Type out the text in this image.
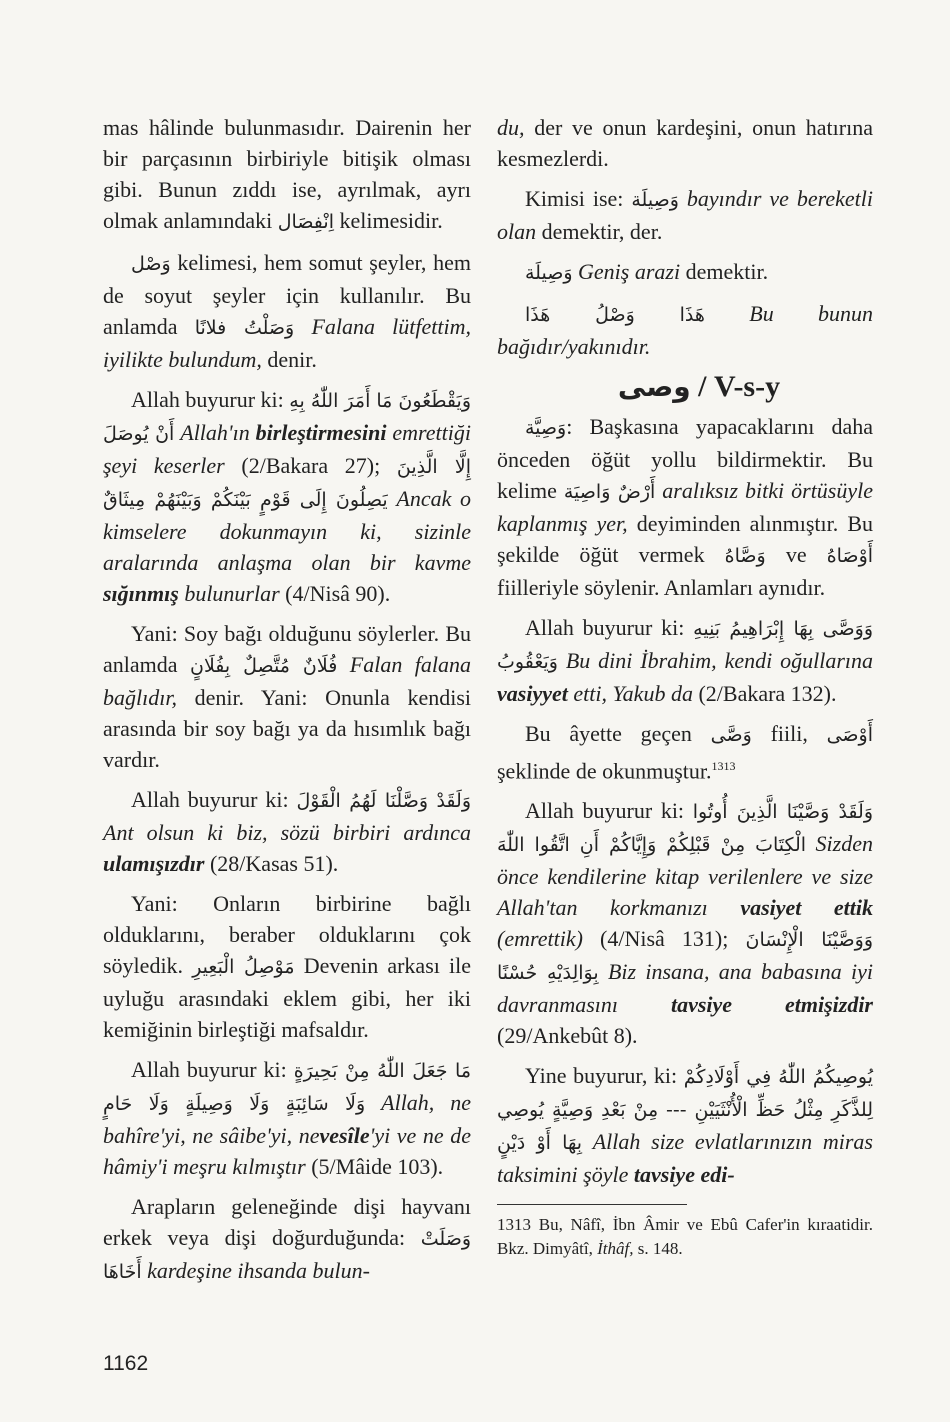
mas hâlinde bulunmasıdır. Dairenin her bir parçasının birbiriyle bitişik olması gibi. Bunun zıddı ise, ayrılmak, ayrı olmak anlamındaki اِنْفِصَال kelimesidir.

وَصْل kelimesi, hem somut şeyler, hem de soyut şeyler için kullanılır. Bu anlamda وَصَلْتُ فلانًا Falana lütfettim, iyilikte bulundum, denir.

Allah buyurur ki: وَيَقْطَعُونَ مَا أَمَرَ اللّٰهُ بِهِ أَنْ يُوصَلَ Allah'ın birleştirmesini emrettiği şeyi keserler (2/Bakara 27); إِلَّا الَّذِينَ يَصِلُونَ إِلَى قَوْمٍ بَيْنَكُمْ وَبَيْنَهُمْ مِيثَاقٌ Ancak o kimselere dokunmayın ki, sizinle aralarında anlaşma olan bir kavme sığınmış bulunurlar (4/Nisâ 90).

Yani: Soy bağı olduğunu söylerler. Bu anlamda فُلَانٌ مُتَّصِلٌ بِفُلَانٍ Falan falana bağlıdır, denir. Yani: Onunla kendisi arasında bir soy bağı ya da hısımlık bağı vardır.

Allah buyurur ki: وَلَقَدْ وَصَّلْنَا لَهُمُ الْقَوْلَ Ant olsun ki biz, sözü birbiri ardınca ulamışızdır (28/Kasas 51).

Yani: Onların birbirine bağlı olduklarını, beraber olduklarını çok söyledik. مَوْصِلُ الْبَعِيرِ Devenin arkası ile uyluğu arasındaki eklem gibi, her iki kemiğinin birleştiği mafsaldır.

Allah buyurur ki: مَا جَعَلَ اللّٰهُ مِنْ بَحِيرَةٍ وَلَا سَائِبَةٍ وَلَا وَصِيلَةٍ وَلَا حَامٍ Allah, ne bahîre'yi, ne sâibe'yi, nevesîle'yi ve ne de hâmiy'i meşru kılmıştır (5/Mâide 103).

Arapların geleneğinde dişi hayvanı erkek veya dişi doğurduğunda: وَصَلَتْ أَخَاهَا kardeşine ihsanda bulun-

du, der ve onun kardeşini, onun hatırına kesmezlerdi.

Kimisi ise: وَصِيلَة bayındır ve bereketli olan demektir, der.

وَصِيلَة Geniş arazi demektir.

هَذَا وَصْلُ هَذَا Bu bunun bağıdır/yakınıdır.

وصى / V-s-y

وَصِيَّة: Başkasına yapacaklarını daha önceden öğüt yollu bildirmektir. Bu kelime أَرْضٌ وَاصِيَة aralıksız bitki örtüsüyle kaplanmış yer, deyiminden alınmıştır. Bu şekilde öğüt vermek وَصَّاهُ ve أَوْصَاهُ fiilleriyle söylenir. Anlamları aynıdır.

Allah buyurur ki: وَوَصَّى بِهَا إِبْرَاهِيمُ بَنِيهِ وَيَعْقُوبُ Bu dini İbrahim, kendi oğullarına vasiyyet etti, Yakub da (2/Bakara 132).

Bu âyette geçen وَصَّى fiili, أَوْصَى şeklinde de okunmuştur.$^{1313}$

Allah buyurur ki: وَلَقَدْ وَصَّيْنَا الَّذِينَ أُوتُوا الْكِتَابَ مِنْ قَبْلِكُمْ وَإِيَّاكُمْ أَنِ اتَّقُوا اللّٰهَ Sizden önce kendilerine kitap verilenlere ve size Allah'tan korkmanızı vasiyet ettik (emrettik) (4/Nisâ 131); وَوَصَّيْنَا الْإِنْسَانَ بِوَالِدَيْهِ حُسْنًا Biz insana, ana babasına iyi davranmasını tavsiye etmişizdir (29/Ankebût 8).

Yine buyurur, ki: يُوصِيكُمُ اللّٰهُ فِي أَوْلَادِكُمْ لِلذَّكَرِ مِثْلُ حَظِّ الْأُنْثَيَيْنِ --- مِنْ بَعْدِ وَصِيَّةٍ يُوصِي بِهَا أَوْ دَيْنٍ Allah size evlatlarınızın miras taksimini şöyle tavsiye edi-

1313 Bu, Nâfî, İbn Âmir ve Ebû Cafer'in kıraatidir. Bkz. Dimyâtî, İthâf, s. 148.

1162
